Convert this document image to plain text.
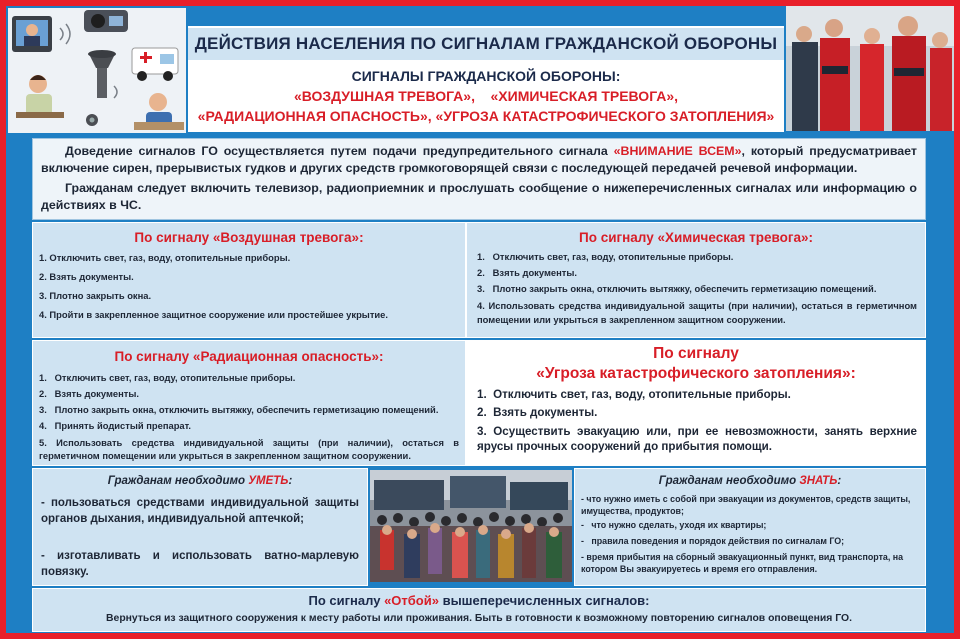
ДЕЙСТВИЯ НАСЕЛЕНИЯ ПО СИГНАЛАМ ГРАЖДАНСКОЙ ОБОРОНЫ
СИГНАЛЫ ГРАЖДАНСКОЙ ОБОРОНЫ:
«ВОЗДУШНАЯ ТРЕВОГА»,    «ХИМИЧЕСКАЯ ТРЕВОГА»,
«РАДИАЦИОННАЯ ОПАСНОСТЬ», «УГРОЗА КАТАСТРОФИЧЕСКОГО ЗАТОПЛЕНИЯ»

Доведение сигналов ГО осуществляется путем подачи предупредительного сигнала «ВНИМАНИЕ ВСЕМ», который предусматривает включение сирен, прерывистых гудков и других средств громкоговорящей связи с последующей передачей речевой информации.

Гражданам следует включить телевизор, радиоприемник и прослушать сообщение о нижеперечисленных сигналах или информацию о действиях в ЧС.

По сигналу «Воздушная тревога»:
1. Отключить свет, газ, воду, отопительные приборы.
2. Взять документы.
3. Плотно закрыть окна.
4. Пройти в закрепленное защитное сооружение или простейшее укрытие.
По сигналу «Химическая тревога»:
1.   Отключить свет, газ, воду, отопительные приборы.
2.   Взять документы.
3.   Плотно закрыть окна, отключить вытяжку, обеспечить герметизацию помещений.
4. Использовать средства индивидуальной защиты (при наличии), остаться в герметичном помещении или укрыться в закрепленном защитном сооружении.
По сигналу «Радиационная опасность»:
1.   Отключить свет, газ, воду, отопительные приборы.
2.   Взять документы.
3.   Плотно закрыть окна, отключить вытяжку, обеспечить герметизацию помещений.
4.   Принять йодистый препарат.
5. Использовать средства индивидуальной защиты (при наличии), остаться в герметичном помещении или укрыться в закрепленном защитном сооружении.
По сигналу
«Угроза катастрофического затопления»:
1.  Отключить свет, газ, воду, отопительные приборы.
2.  Взять документы.
3. Осуществить эвакуацию или, при ее невозможности, занять верхние ярусы прочных сооружений до прибытия помощи.
Гражданам необходимо УМЕТЬ:
- пользоваться средствами индивидуальной защиты органов дыхания, индивидуальной аптечкой;
- изготавливать и использовать ватно-марлевую повязку.
Гражданам необходимо ЗНАТЬ:
- что нужно иметь с собой при эвакуации из документов, средств защиты, имущества, продуктов;
-   что нужно сделать, уходя их квартиры;
-   правила поведения и порядок действия по сигналам ГО;
- время прибытия на сборный эвакуационный пункт, вид транспорта, на котором Вы эвакуируетесь и время его отправления.
По сигналу «Отбой» вышеперечисленных сигналов:
Вернуться из защитного сооружения к месту работы или проживания. Быть в готовности к возможному повторению сигналов оповещения ГО.
